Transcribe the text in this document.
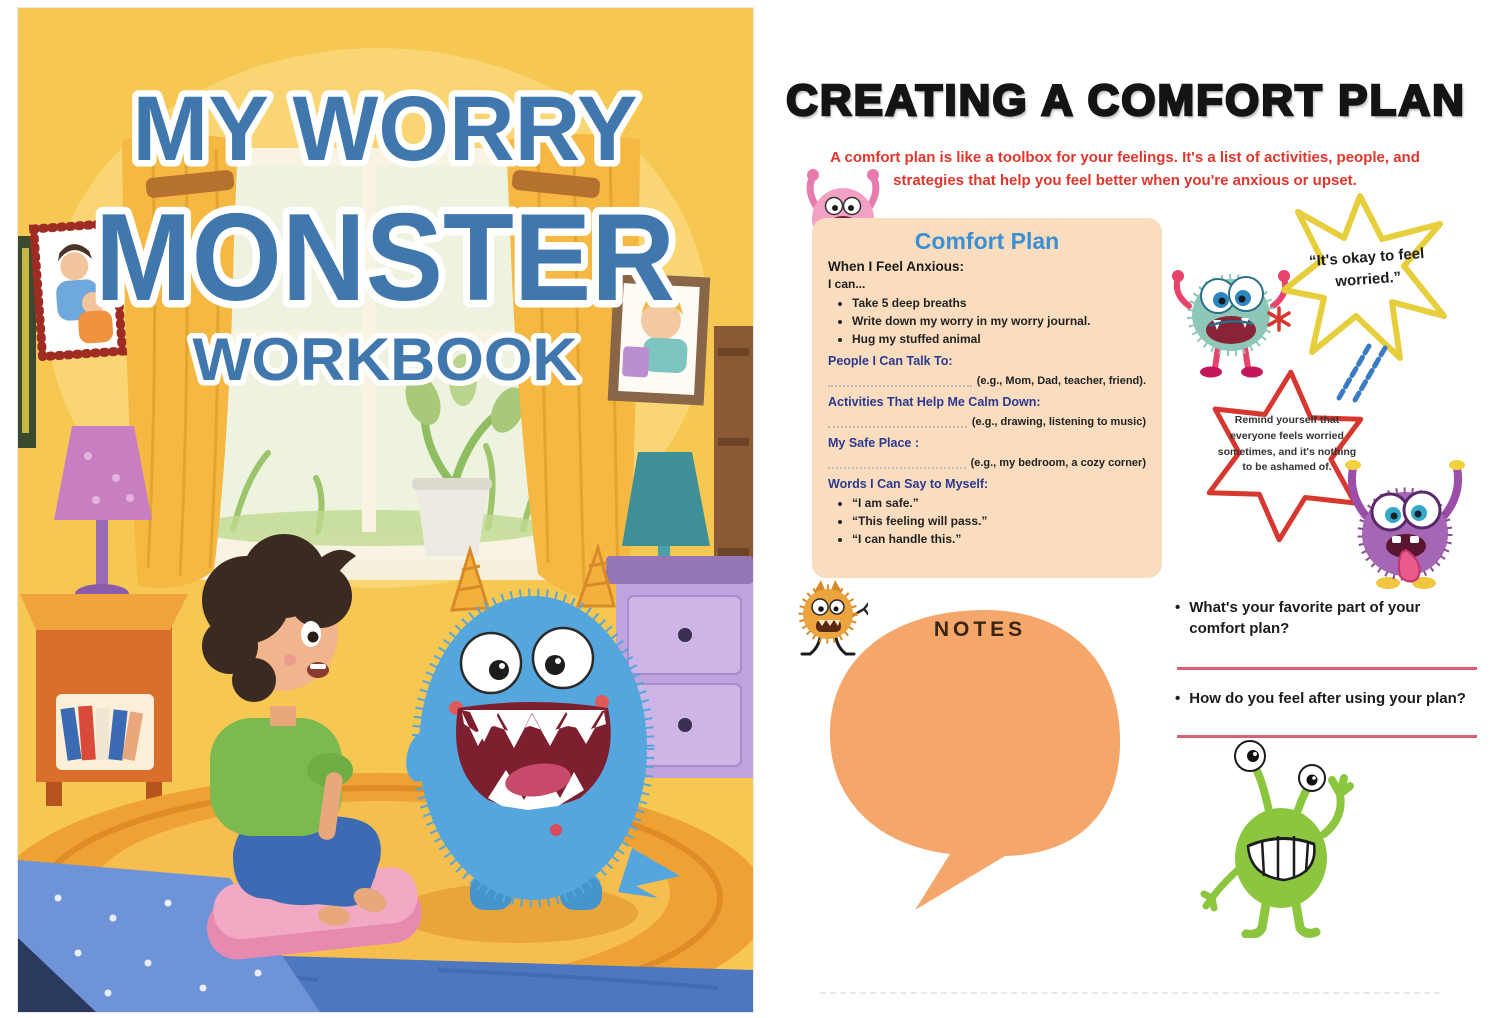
MY WORRY
MONSTER
WORKBOOK
CREATING A COMFORT PLAN
A comfort plan is like a toolbox for your feelings. It's a list of activities, people, and strategies that help you feel better when you're anxious or upset.
Comfort Plan
When I Feel Anxious:
I can...
• Take 5 deep breaths
• Write down my worry in my worry journal.
• Hug my stuffed animal
People I Can Talk To:
(e.g., Mom, Dad, teacher, friend).
Activities That Help Me Calm Down:
(e.g., drawing, listening to music)
My Safe Place :
(e.g., my bedroom, a cozy corner)
Words I Can Say to Myself:
• “I am safe.”
• “This feeling will pass.”
• “I can handle this.”
“It's okay to feel worried.”
Remind yourself that everyone feels worried sometimes, and it's nothing to be ashamed of.
• What's your favorite part of your comfort plan?
• How do you feel after using your plan?
NOTES
